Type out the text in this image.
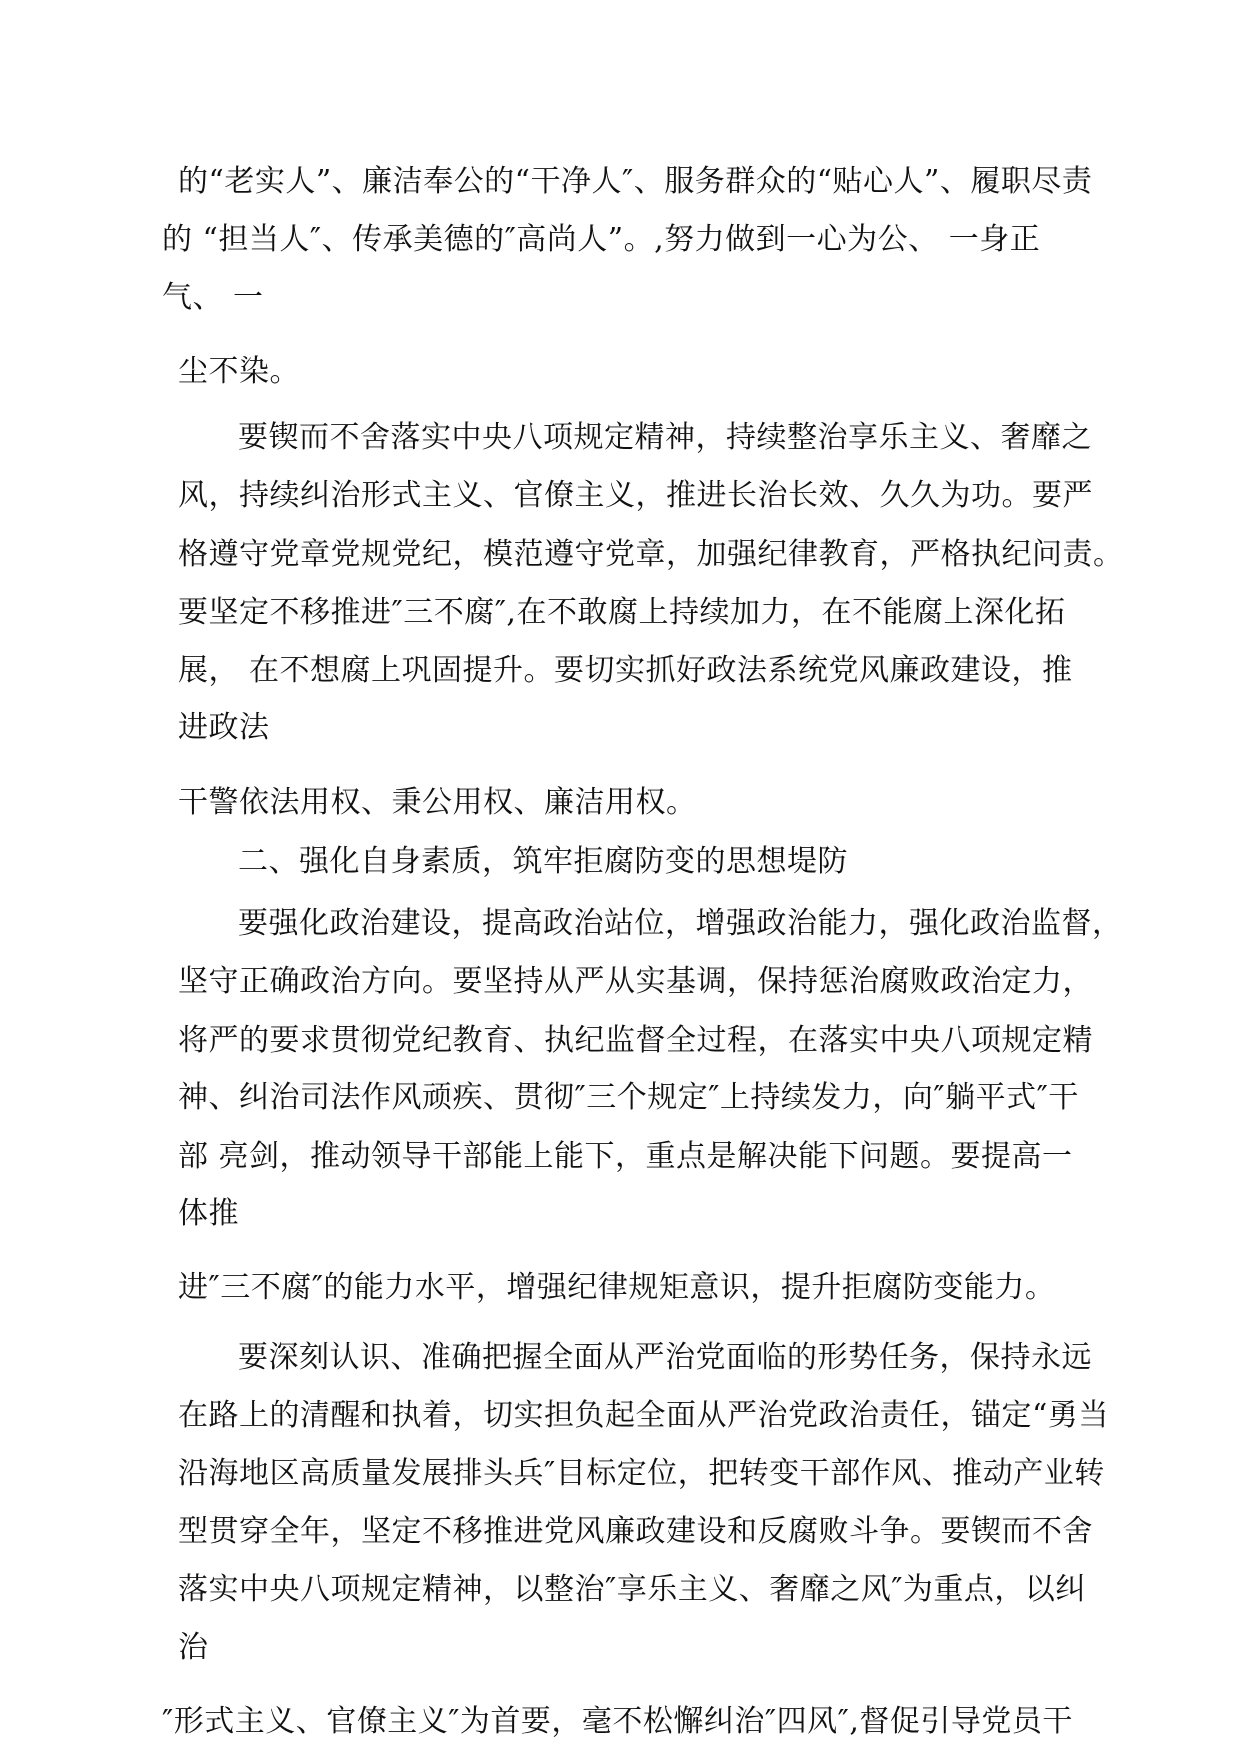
的“老实人”、廉洁奉公的“干净人″、服务群众的“贴心人”、履职尽责
的 “担当人″、传承美德的″高尚人”。,努力做到一心为公、 一身正
气、 一
尘不染。
要锲而不舍落实中央八项规定精神，持续整治享乐主义、奢靡之
风，持续纠治形式主义、官僚主义，推进长治长效、久久为功。要严
格遵守党章党规党纪，模范遵守党章，加强纪律教育，严格执纪问责。
要坚定不移推进″三不腐″,在不敢腐上持续加力，在不能腐上深化拓
展， 在不想腐上巩固提升。要切实抓好政法系统党风廉政建设，推
进政法
干警依法用权、秉公用权、廉洁用权。
二、强化自身素质，筑牢拒腐防变的思想堤防
要强化政治建设，提高政治站位，增强政治能力，强化政治监督，
坚守正确政治方向。要坚持从严从实基调，保持惩治腐败政治定力，
将严的要求贯彻党纪教育、执纪监督全过程，在落实中央八项规定精
神、纠治司法作风顽疾、贯彻″三个规定″上持续发力，向″躺平式″干
部 亮剑，推动领导干部能上能下，重点是解决能下问题。要提高一
体推
进″三不腐″的能力水平，增强纪律规矩意识，提升拒腐防变能力。
要深刻认识、准确把握全面从严治党面临的形势任务，保持永远
在路上的清醒和执着，切实担负起全面从严治党政治责任，锚定“勇当
沿海地区高质量发展排头兵″目标定位，把转变干部作风、推动产业转
型贯穿全年，坚定不移推进党风廉政建设和反腐败斗争。要锲而不舍
落实中央八项规定精神，以整治″享乐主义、奢靡之风″为重点，以纠
治
″形式主义、官僚主义″为首要，毫不松懈纠治″四风″,督促引导党员干
